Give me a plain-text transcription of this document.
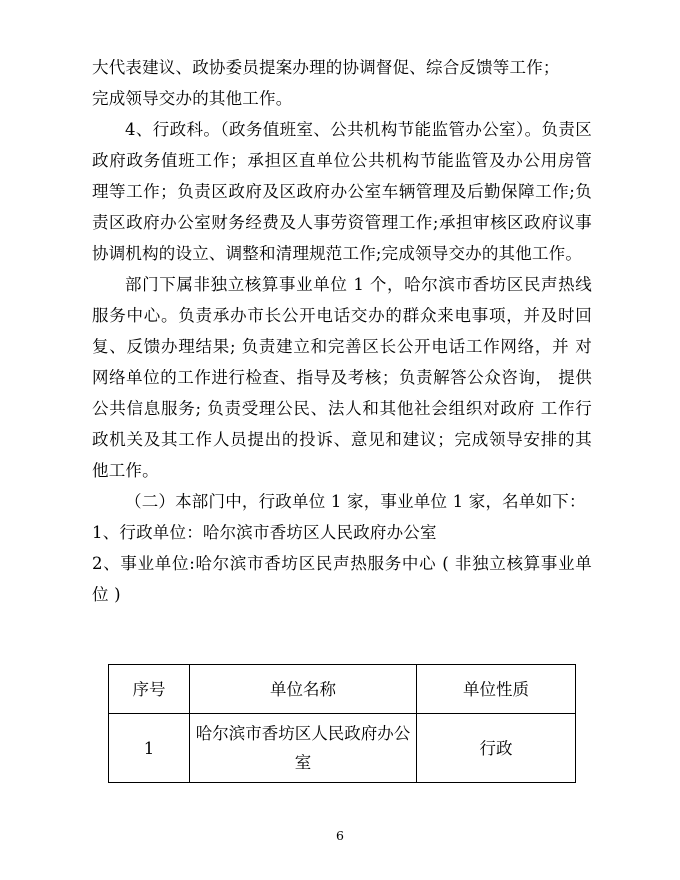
大代表建议、政协委员提案办理的协调督促、综合反馈等工作；

完成领导交办的其他工作。

4、行政科。（政务值班室、公共机构节能监管办公室）。负责区政府政务值班工作；承担区直单位公共机构节能监管及办公用房管理等工作；负责区政府及区政府办公室车辆管理及后勤保障工作;负责区政府办公室财务经费及人事劳资管理工作;承担审核区政府议事协调机构的设立、调整和清理规范工作;完成领导交办的其他工作。

部门下属非独立核算事业单位 1 个，哈尔滨市香坊区民声热线服务中心。负责承办市长公开电话交办的群众来电事项，并及时回复、反馈办理结果; 负责建立和完善区长公开电话工作网络，并 对网络单位的工作进行检查、指导及考核；负责解答公众咨询， 提供公共信息服务; 负责受理公民、法人和其他社会组织对政府 工作行政机关及其工作人员提出的投诉、意见和建议；完成领导安排的其他工作。

（二）本部门中，行政单位 1 家，事业单位 1 家，名单如下：

1、行政单位：哈尔滨市香坊区人民政府办公室

2、事业单位:哈尔滨市香坊区民声热服务中心 ( 非独立核算事业单位 )

序号	单位名称	单位性质
1	哈尔滨市香坊区人民政府办公室	行政
6
